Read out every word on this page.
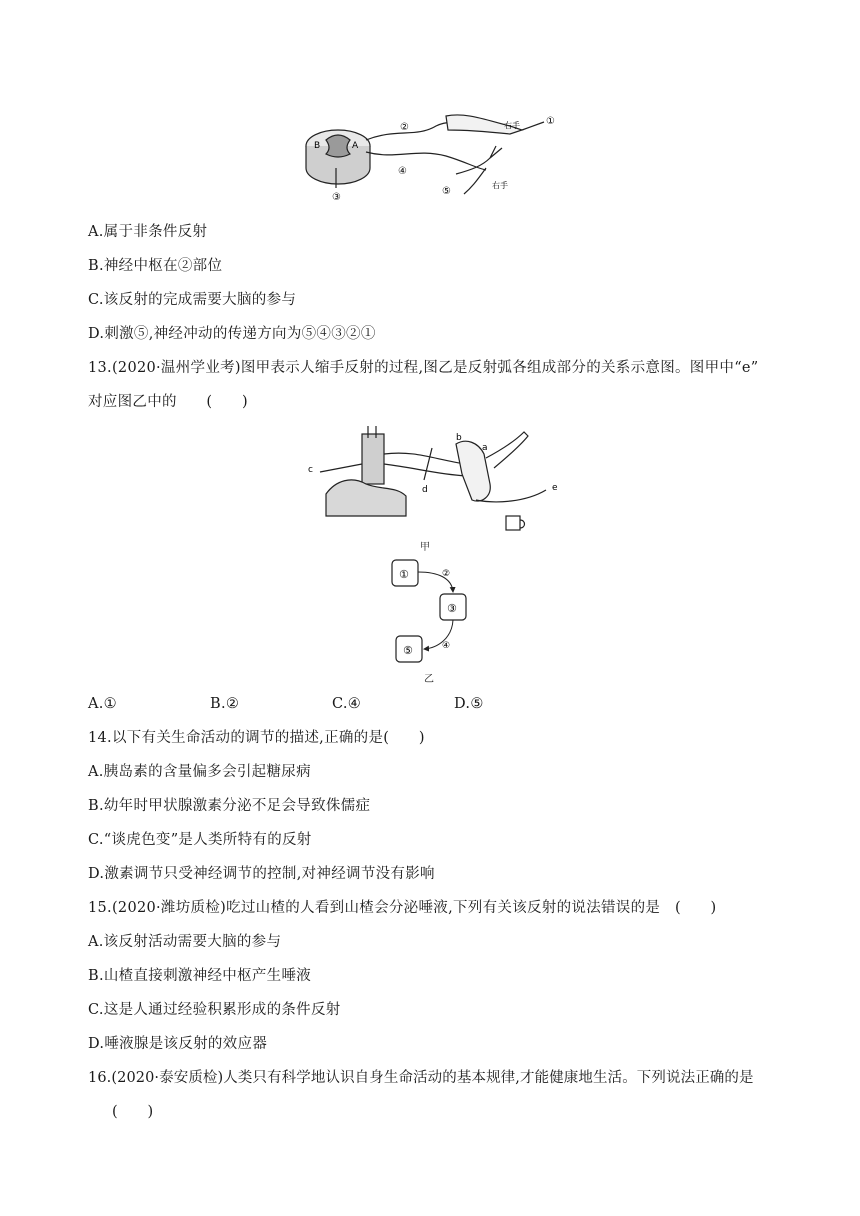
①
②
③
④
⑤
B	A
右手
右手
A.属于非条件反射
B.神经中枢在②部位
C.该反射的完成需要大脑的参与
D.刺激⑤,神经冲动的传递方向为⑤④③②①
13.(2020·温州学业考)图甲表示人缩手反射的过程,图乙是反射弧各组成部分的关系示意图。图甲中“e”
对应图乙中的　　(　　)
a
b
c
d	e
甲
①
③
⑤
②
④
乙
A.①	B.②	C.④	D.⑤
14.以下有关生命活动的调节的描述,正确的是(　　)
A.胰岛素的含量偏多会引起糖尿病
B.幼年时甲状腺激素分泌不足会导致侏儒症
C.“谈虎色变”是人类所特有的反射
D.激素调节只受神经调节的控制,对神经调节没有影响
15.(2020·潍坊质检)吃过山楂的人看到山楂会分泌唾液,下列有关该反射的说法错误的是　(　　)
A.该反射活动需要大脑的参与
B.山楂直接刺激神经中枢产生唾液
C.这是人通过经验积累形成的条件反射
D.唾液腺是该反射的效应器
16.(2020·泰安质检)人类只有科学地认识自身生命活动的基本规律,才能健康地生活。下列说法正确的是
(　　)
